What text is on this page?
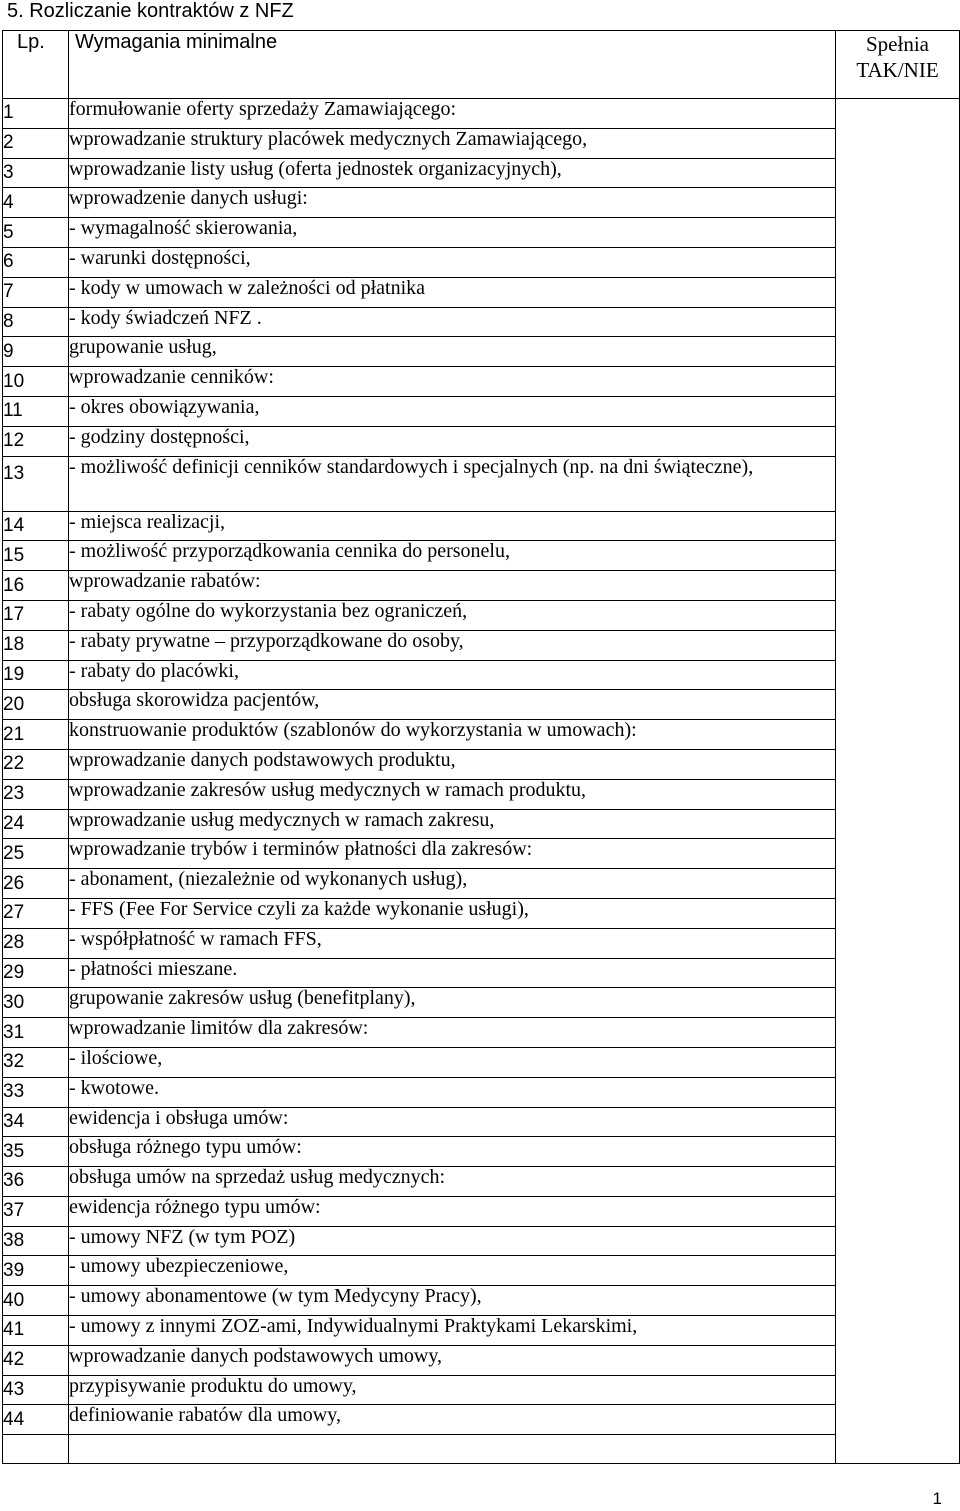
5. Rozliczanie kontraktów z NFZ
Lp.	Wymagania minimalne	Spełnia
TAK/NIE

1	formułowanie oferty sprzedaży Zamawiającego:	
2	wprowadzanie struktury placówek medycznych Zamawiającego,	
3	wprowadzanie listy usług (oferta jednostek organizacyjnych),	
4	wprowadzenie danych usługi:	
5	- wymagalność skierowania,	
6	- warunki dostępności,	
7	- kody w umowach w zależności od płatnika	
8	- kody świadczeń NFZ .	
9	grupowanie usług,	
10	wprowadzanie cenników:	
11	- okres obowiązywania,	
12	- godziny dostępności,	
13	- możliwość definicji cenników standardowych i specjalnych (np. na dni świąteczne),	
14	- miejsca realizacji,	
15	- możliwość przyporządkowania cennika do personelu,	
16	wprowadzanie rabatów:	
17	- rabaty ogólne do wykorzystania bez ograniczeń,	
18	- rabaty prywatne – przyporządkowane do osoby,	
19	- rabaty do placówki,	
20	obsługa skorowidza pacjentów,	
21	konstruowanie produktów (szablonów do wykorzystania w umowach):	
22	wprowadzanie danych podstawowych produktu,	
23	wprowadzanie zakresów usług medycznych w ramach produktu,	
24	wprowadzanie usług medycznych w ramach zakresu,	
25	wprowadzanie trybów i terminów płatności dla zakresów:	
26	- abonament, (niezależnie od wykonanych usług),	
27	- FFS (Fee For Service czyli za każde wykonanie usługi),	
28	- współpłatność w ramach FFS,	
29	- płatności mieszane.	
30	grupowanie zakresów usług (benefitplany),	
31	wprowadzanie limitów dla zakresów:	
32	- ilościowe,	
33	- kwotowe.	
34	ewidencja i obsługa umów:	
35	obsługa różnego typu umów:	
36	obsługa umów na sprzedaż usług medycznych:	
37	ewidencja różnego typu umów:	
38	- umowy NFZ (w tym POZ)	
39	- umowy ubezpieczeniowe,	
40	- umowy abonamentowe (w tym Medycyny Pracy),	
41	- umowy z innymi ZOZ-ami, Indywidualnymi Praktykami Lekarskimi,	
42	wprowadzanie danych podstawowych umowy,	
43	przypisywanie produktu do umowy,	
44	definiowanie rabatów dla umowy,	

1
